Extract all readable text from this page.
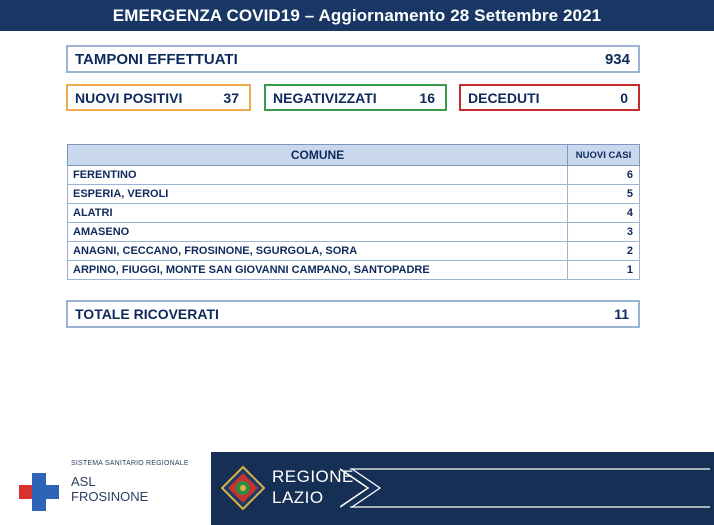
EMERGENZA COVID19 – Aggiornamento 28 Settembre 2021
TAMPONI EFFETTUATI	934
NUOVI POSITIVI	37 NEGATIVIZZATI	16 DECEDUTI	0
COMUNE	NUOVI CASI
FERENTINO	6
ESPERIA, VEROLI	5
ALATRI	4
AMASENO	3
ANAGNI, CECCANO, FROSINONE, SGURGOLA, SORA	2
ARPINO, FIUGGI, MONTE SAN GIOVANNI CAMPANO, SANTOPADRE	1
TOTALE RICOVERATI	11
SISTEMA SANITARIO REGIONALE
ASL
FROSINONE
REGIONE
LAZIO
